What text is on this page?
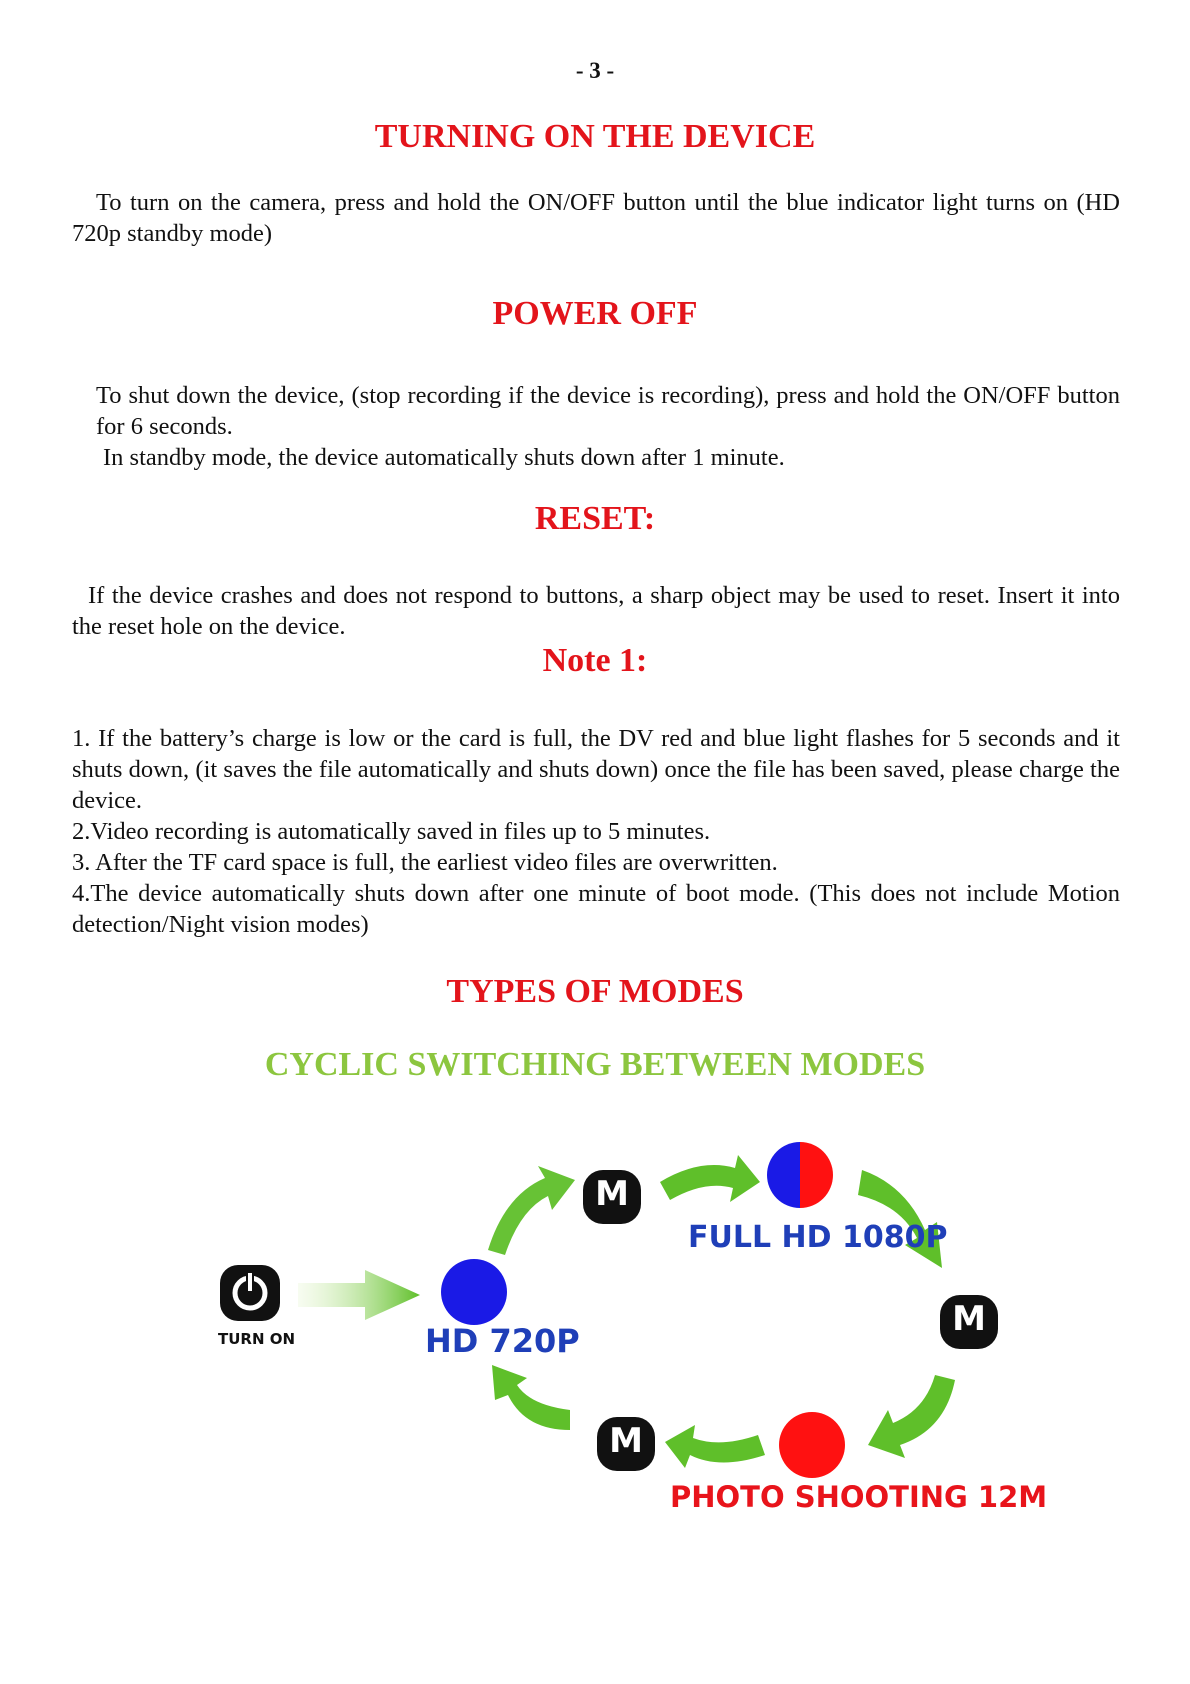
- 3 -
TURNING ON THE DEVICE

To turn on the camera, press and hold the ON/OFF button until the blue indicator light turns on (HD 720p standby mode)

POWER OFF

To shut down the device, (stop recording if the device is recording), press and hold the ON/OFF button for 6 seconds.
In standby mode, the device automatically shuts down after 1 minute.

RESET:

If the device crashes and does not respond to buttons, a sharp object may be used to reset. Insert it into the reset hole on the device.

Note 1:

1. If the battery’s charge is low or the card is full, the DV red and blue light flashes for 5 seconds and it shuts down, (it saves the file automatically and shuts down) once the file has been saved, please charge the device.
2.Video recording is automatically saved in files up to 5 minutes.
3. After the TF card space is full, the earliest video files are overwritten.
4.The device automatically shuts down after one minute of boot mode. (This does not include Motion detection/Night vision modes)

TYPES OF MODES
CYCLIC SWITCHING BETWEEN MODES
TURN ON	HD 720P
FULL HD 1080P
PHOTO SHOOTING 12M
M
M
M
